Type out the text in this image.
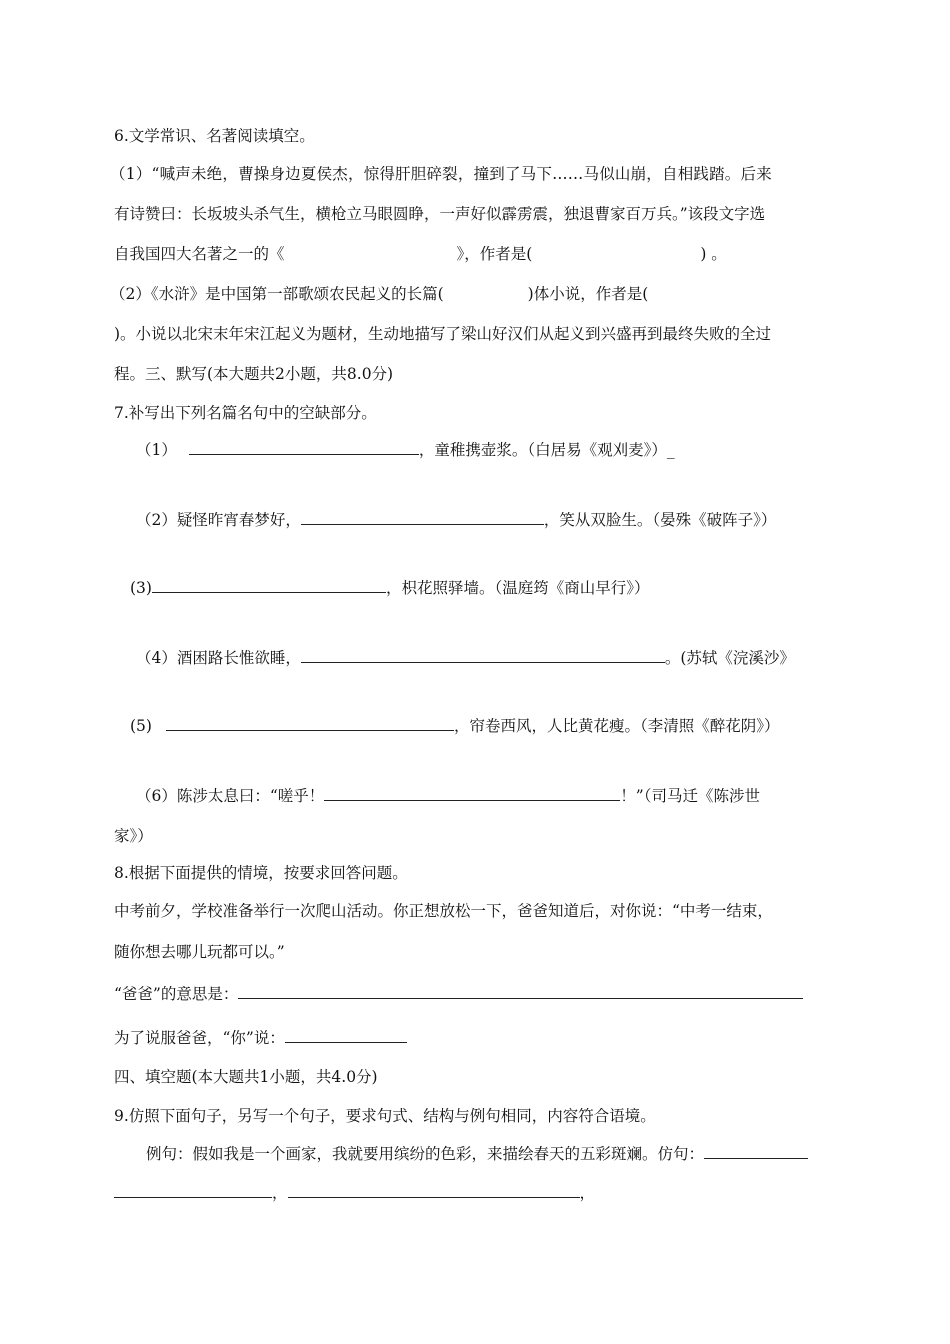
6.文学常识、名著阅读填空。
（1）“喊声未绝，曹操身边夏侯杰，惊得肝胆碎裂，撞到了马下……马似山崩，自相践踏。后来
有诗赞曰：长坂坡头杀气生，横枪立马眼圆睁，一声好似霹雳震，独退曹家百万兵。”该段文字选
自我国四大名著之一的《	》，作者是(	) 。
（2）《水浒》是中国第一部歌颂农民起义的长篇(	)体小说，作者是(
)。小说以北宋末年宋江起义为题材，生动地描写了梁山好汉们从起义到兴盛再到最终失败的全过
程。三、默写(本大题共2小题，共8.0分)
7.补写出下列名篇名句中的空缺部分。
（1）	，童稚携壶浆。（白居易《观刈麦》）_
（2）疑怪昨宵春梦好，	，笑从双脸生。（晏殊《破阵子》）
(3)	，枳花照驿墙。（温庭筠《商山早行》）
（4）酒困路长惟欲睡，	。(苏轼《浣溪沙》
(5)	，帘卷西风，人比黄花瘦。（李清照《醉花阴》）
（6）陈涉太息曰：“嗟乎！	！”（司马迁《陈涉世
家》）
8.根据下面提供的情境，按要求回答问题。
中考前夕，学校准备举行一次爬山活动。你正想放松一下，爸爸知道后，对你说：“中考一结束，
随你想去哪儿玩都可以。”
“爸爸”的意思是：
为了说服爸爸，“你”说：
四、填空题(本大题共1小题，共4.0分)
9.仿照下面句子，另写一个句子，要求句式、结构与例句相同，内容符合语境。
例句：假如我是一个画家，我就要用缤纷的色彩，来描绘春天的五彩斑斓。仿句：
，	，
